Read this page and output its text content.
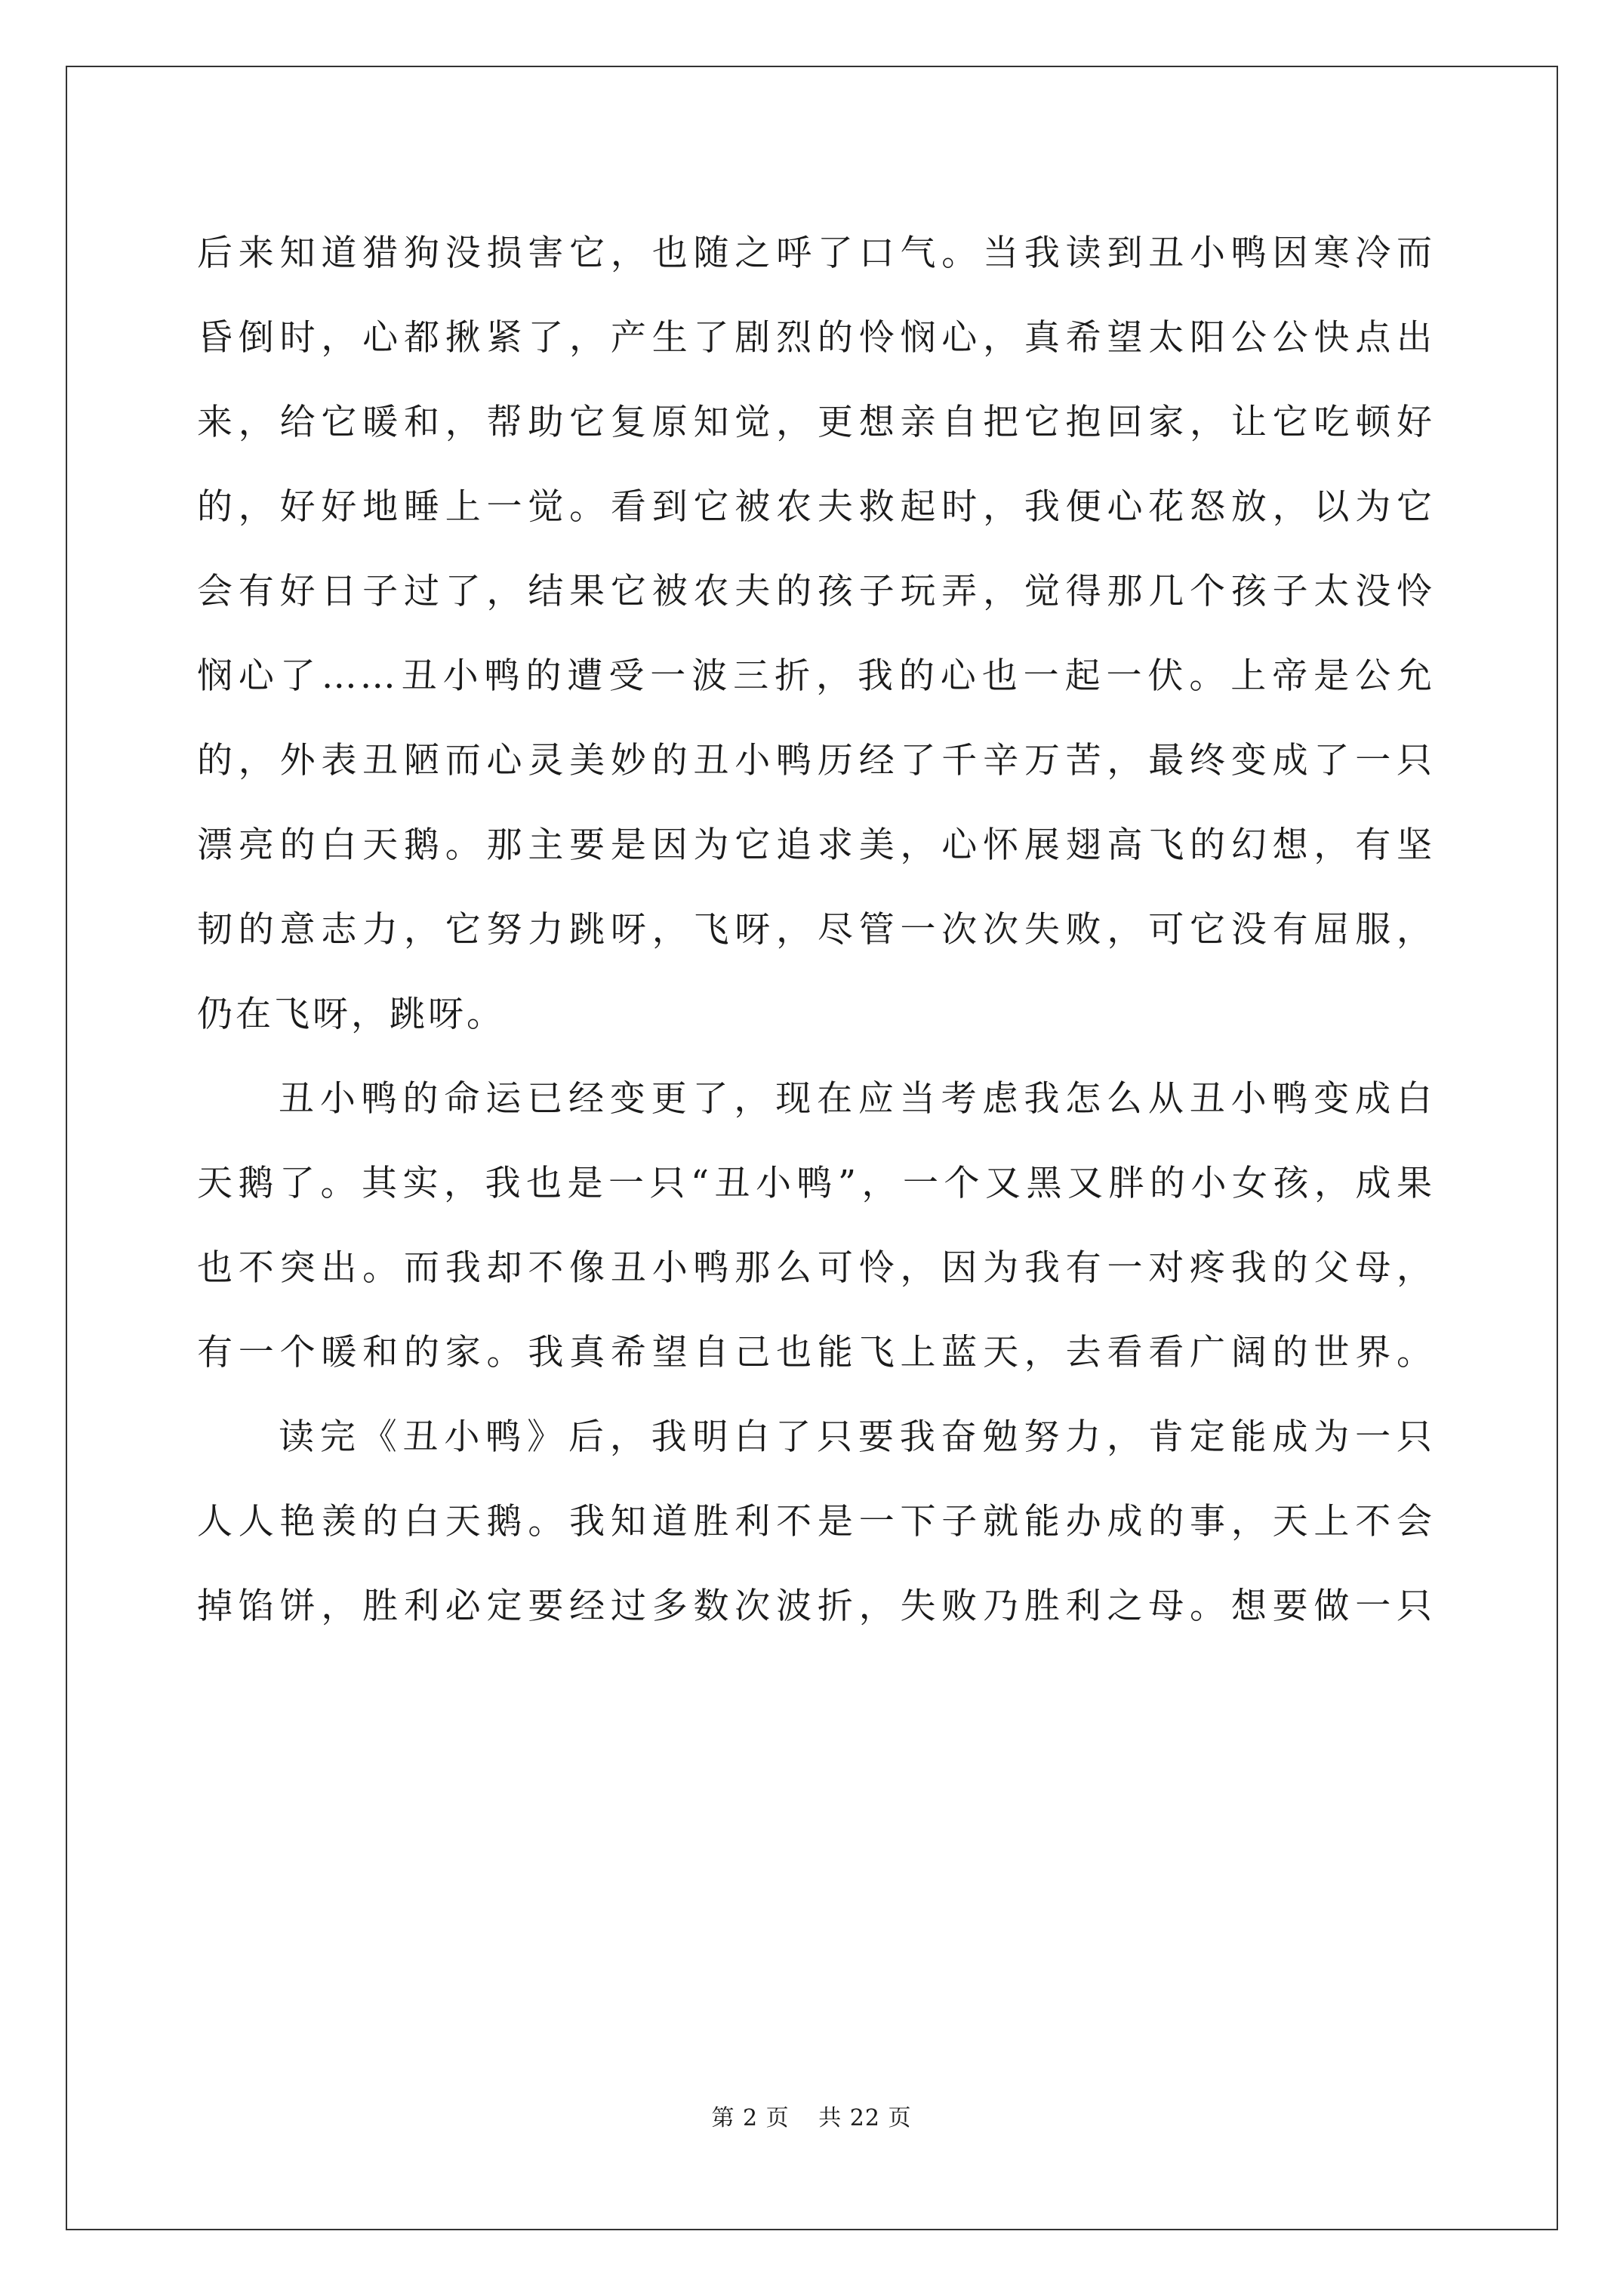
后来知道猎狗没损害它，也随之呼了口气。当我读到丑小鸭因寒冷而
昏倒时，心都揪紧了，产生了剧烈的怜悯心，真希望太阳公公快点出
来，给它暖和，帮助它复原知觉，更想亲自把它抱回家，让它吃顿好
的，好好地睡上一觉。看到它被农夫救起时，我便心花怒放，以为它
会有好日子过了，结果它被农夫的孩子玩弄，觉得那几个孩子太没怜
悯心了……丑小鸭的遭受一波三折，我的心也一起一伏。上帝是公允
的，外表丑陋而心灵美妙的丑小鸭历经了千辛万苦，最终变成了一只
漂亮的白天鹅。那主要是因为它追求美，心怀展翅高飞的幻想，有坚
韧的意志力，它努力跳呀，飞呀，尽管一次次失败，可它没有屈服，
仍在飞呀，跳呀。
丑小鸭的命运已经变更了，现在应当考虑我怎么从丑小鸭变成白
天鹅了。其实，我也是一只“丑小鸭”，一个又黑又胖的小女孩，成果
也不突出。而我却不像丑小鸭那么可怜，因为我有一对疼我的父母，
有一个暖和的家。我真希望自己也能飞上蓝天，去看看广阔的世界。
读完《丑小鸭》后，我明白了只要我奋勉努力，肯定能成为一只
人人艳羡的白天鹅。我知道胜利不是一下子就能办成的事，天上不会
掉馅饼，胜利必定要经过多数次波折，失败乃胜利之母。想要做一只
第 2 页 共 22 页
